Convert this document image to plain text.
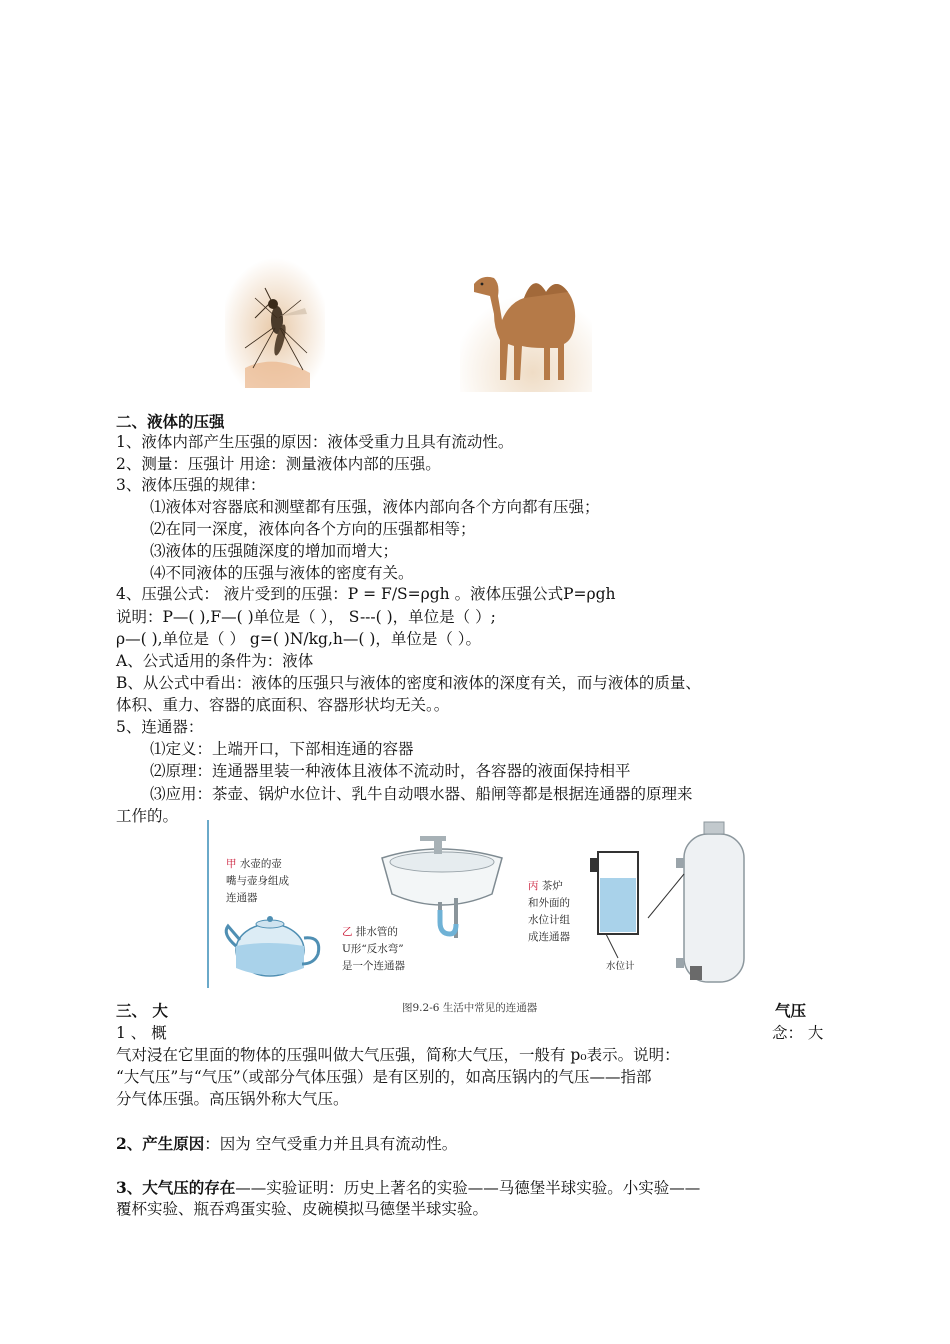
二、液体的压强
1、液体内部产生压强的原因：液体受重力且具有流动性。
2、测量：压强计 用途：测量液体内部的压强。
3、液体压强的规律：
⑴液体对容器底和测壁都有压强，液体内部向各个方向都有压强；
⑵在同一深度，液体向各个方向的压强都相等；
⑶液体的压强随深度的增加而增大；
⑷不同液体的压强与液体的密度有关。
4、压强公式： 液片受到的压强：P = F/S=ρgh 。液体压强公式P=ρgh
说明：P—( ),F—( )单位是（ ）， S---( )，单位是（ ）;
ρ—( ),单位是（ ） g=( )N/kg,h—( )，单位是（ ）。
A、公式适用的条件为：液体
B、从公式中看出：液体的压强只与液体的密度和液体的深度有关，而与液体的质量、
体积、重力、容器的底面积、容器形状均无关。。
5、连通器：
⑴定义：上端开口，下部相连通的容器
⑵原理：连通器里装一种液体且液体不流动时，各容器的液面保持相平
⑶应用：茶壶、锅炉水位计、乳牛自动喂水器、船闸等都是根据连通器的原理来
工作的。
甲 水壶的壶
嘴与壶身组成
连通器
乙 排水管的
U形“反水弯”
是一个连通器
丙 茶炉
和外面的
水位计组
成连通器
水位计
图9.2-6 生活中常见的连通器
三、 大	气压
1 、 概	念： 大
气对浸在它里面的物体的压强叫做大气压强，简称大气压，一般有 p₀表示。说明：
“大气压”与“气压”（或部分气体压强）是有区别的，如高压锅内的气压——指部
分气体压强。高压锅外称大气压。
2、产生原因：因为 空气受重力并且具有流动性。
3、大气压的存在——实验证明：历史上著名的实验——马德堡半球实验。小实验——
覆杯实验、瓶吞鸡蛋实验、皮碗模拟马德堡半球实验。
